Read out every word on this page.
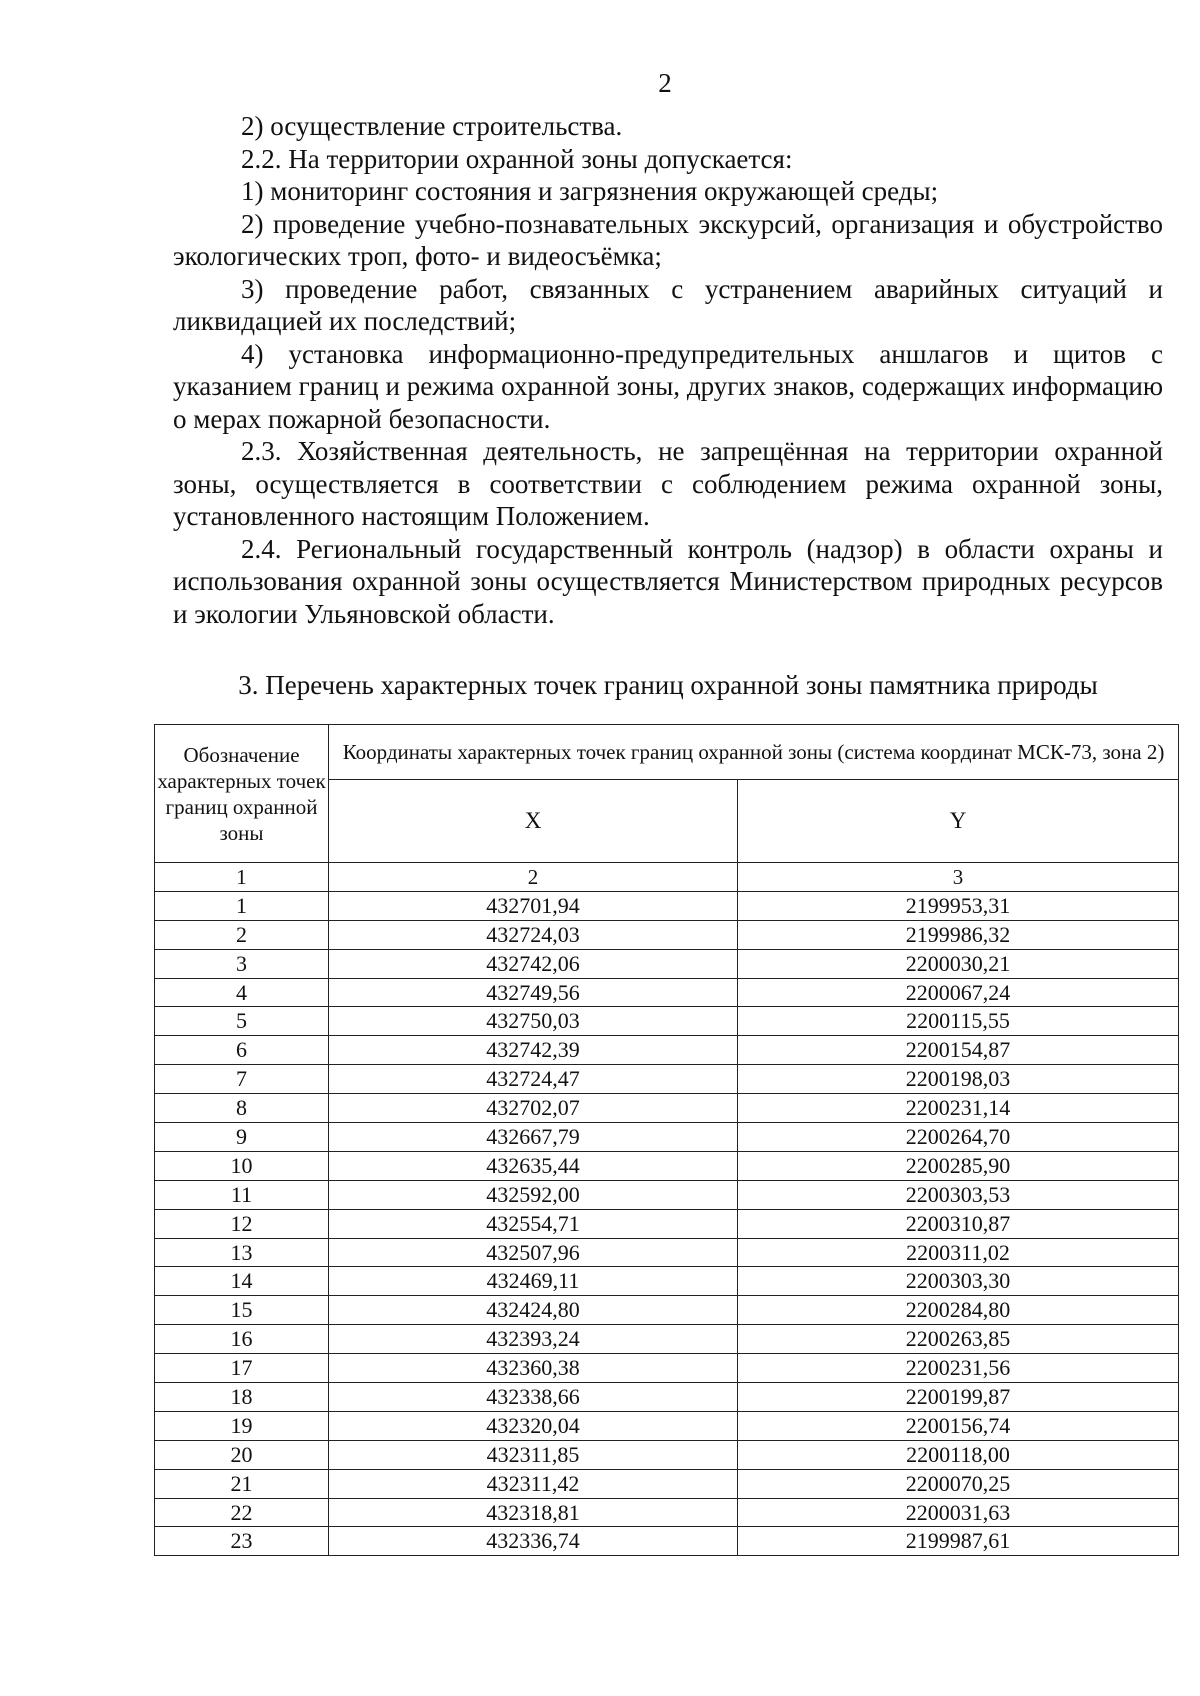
2

2) осуществление строительства.

2.2. На территории охранной зоны допускается:

1) мониторинг состояния и загрязнения окружающей среды;

2) проведение учебно-познавательных экскурсий, организация и обустройство экологических троп, фото- и видеосъёмка;

3) проведение работ, связанных с устранением аварийных ситуаций и ликвидацией их последствий;

4) установка информационно-предупредительных аншлагов и щитов с указанием границ и режима охранной зоны, других знаков, содержащих информацию о мерах пожарной безопасности.

2.3. Хозяйственная деятельность, не запрещённая на территории охранной зоны, осуществляется в соответствии с соблюдением режима охранной зоны, установленного настоящим Положением.

2.4. Региональный государственный контроль (надзор) в области охраны и использования охранной зоны осуществляется Министерством природных ресурсов и экологии Ульяновской области.

3. Перечень характерных точек границ охранной зоны памятника природы
Обозначение характерных точек границ охранной зоны	Координаты характерных точек границ охранной зоны (система координат МСК-73, зона 2)	
	X	Y
1	2	3
1	432701,94	2199953,31
2	432724,03	2199986,32
3	432742,06	2200030,21
4	432749,56	2200067,24
5	432750,03	2200115,55
6	432742,39	2200154,87
7	432724,47	2200198,03
8	432702,07	2200231,14
9	432667,79	2200264,70
10	432635,44	2200285,90
11	432592,00	2200303,53
12	432554,71	2200310,87
13	432507,96	2200311,02
14	432469,11	2200303,30
15	432424,80	2200284,80
16	432393,24	2200263,85
17	432360,38	2200231,56
18	432338,66	2200199,87
19	432320,04	2200156,74
20	432311,85	2200118,00
21	432311,42	2200070,25
22	432318,81	2200031,63
23	432336,74	2199987,61
